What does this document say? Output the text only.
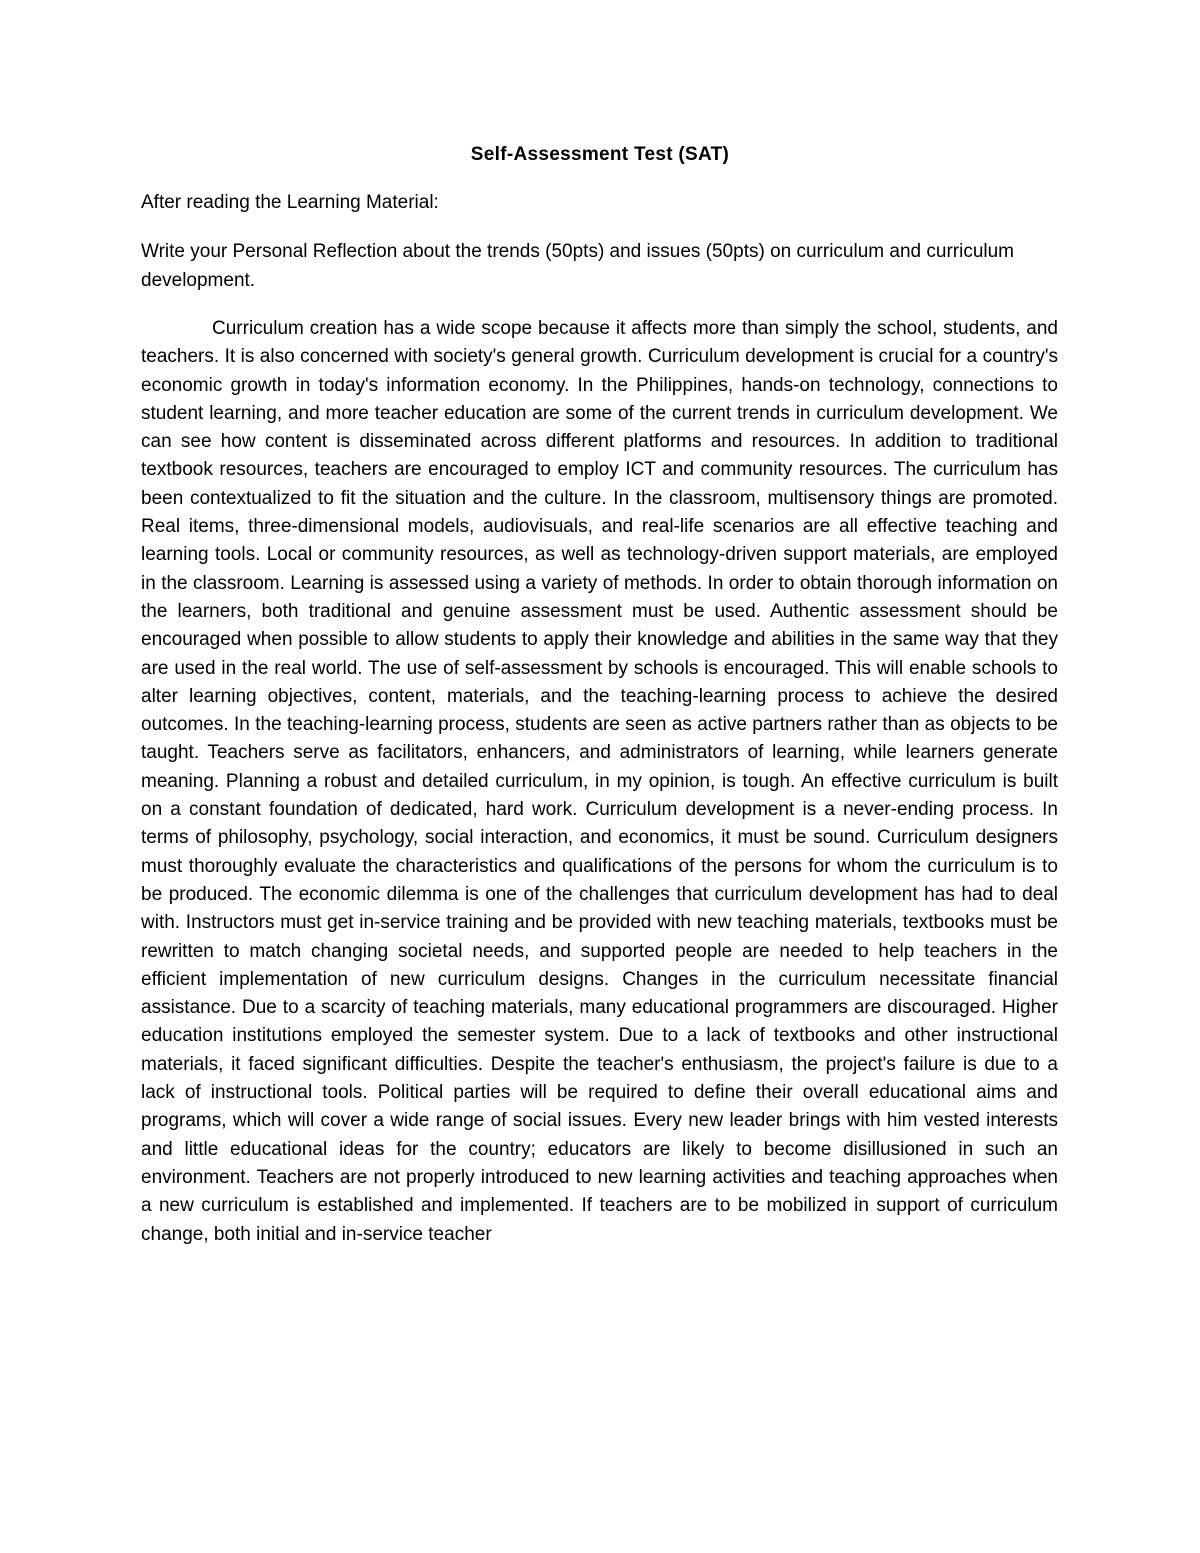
Self-Assessment Test (SAT)

After reading the Learning Material:

Write your Personal Reflection about the trends (50pts) and issues (50pts) on curriculum and curriculum development.

Curriculum creation has a wide scope because it affects more than simply the school, students, and teachers. It is also concerned with society's general growth. Curriculum development is crucial for a country's economic growth in today's information economy. In the Philippines, hands-on technology, connections to student learning, and more teacher education are some of the current trends in curriculum development. We can see how content is disseminated across different platforms and resources. In addition to traditional textbook resources, teachers are encouraged to employ ICT and community resources. The curriculum has been contextualized to fit the situation and the culture. In the classroom, multisensory things are promoted. Real items, three-dimensional models, audiovisuals, and real-life scenarios are all effective teaching and learning tools. Local or community resources, as well as technology-driven support materials, are employed in the classroom. Learning is assessed using a variety of methods. In order to obtain thorough information on the learners, both traditional and genuine assessment must be used. Authentic assessment should be encouraged when possible to allow students to apply their knowledge and abilities in the same way that they are used in the real world. The use of self-assessment by schools is encouraged. This will enable schools to alter learning objectives, content, materials, and the teaching-learning process to achieve the desired outcomes. In the teaching-learning process, students are seen as active partners rather than as objects to be taught. Teachers serve as facilitators, enhancers, and administrators of learning, while learners generate meaning. Planning a robust and detailed curriculum, in my opinion, is tough. An effective curriculum is built on a constant foundation of dedicated, hard work. Curriculum development is a never-ending process. In terms of philosophy, psychology, social interaction, and economics, it must be sound. Curriculum designers must thoroughly evaluate the characteristics and qualifications of the persons for whom the curriculum is to be produced. The economic dilemma is one of the challenges that curriculum development has had to deal with. Instructors must get in-service training and be provided with new teaching materials, textbooks must be rewritten to match changing societal needs, and supported people are needed to help teachers in the efficient implementation of new curriculum designs. Changes in the curriculum necessitate financial assistance. Due to a scarcity of teaching materials, many educational programmers are discouraged. Higher education institutions employed the semester system. Due to a lack of textbooks and other instructional materials, it faced significant difficulties. Despite the teacher's enthusiasm, the project's failure is due to a lack of instructional tools. Political parties will be required to define their overall educational aims and programs, which will cover a wide range of social issues. Every new leader brings with him vested interests and little educational ideas for the country; educators are likely to become disillusioned in such an environment. Teachers are not properly introduced to new learning activities and teaching approaches when a new curriculum is established and implemented. If teachers are to be mobilized in support of curriculum change, both initial and in-service teacher
